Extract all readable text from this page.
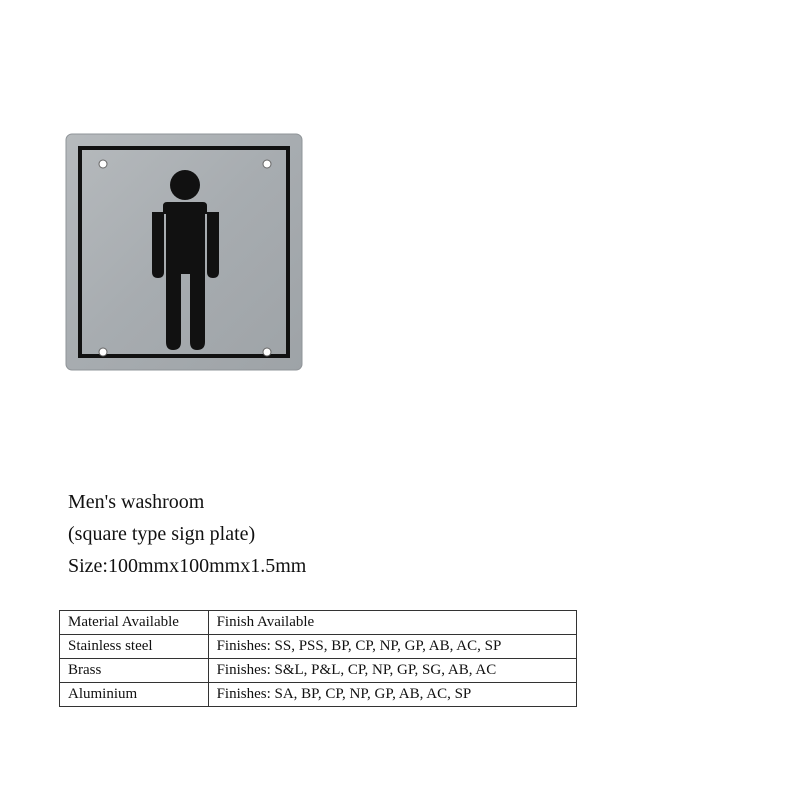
Men's washroom
(square type sign plate)
Size:100mmx100mmx1.5mm
Material Available	Finish Available
Stainless steel	Finishes: SS, PSS, BP, CP, NP, GP, AB, AC, SP
Brass	Finishes: S&L, P&L, CP, NP, GP, SG, AB, AC
Aluminium	Finishes: SA, BP, CP, NP, GP, AB, AC, SP
